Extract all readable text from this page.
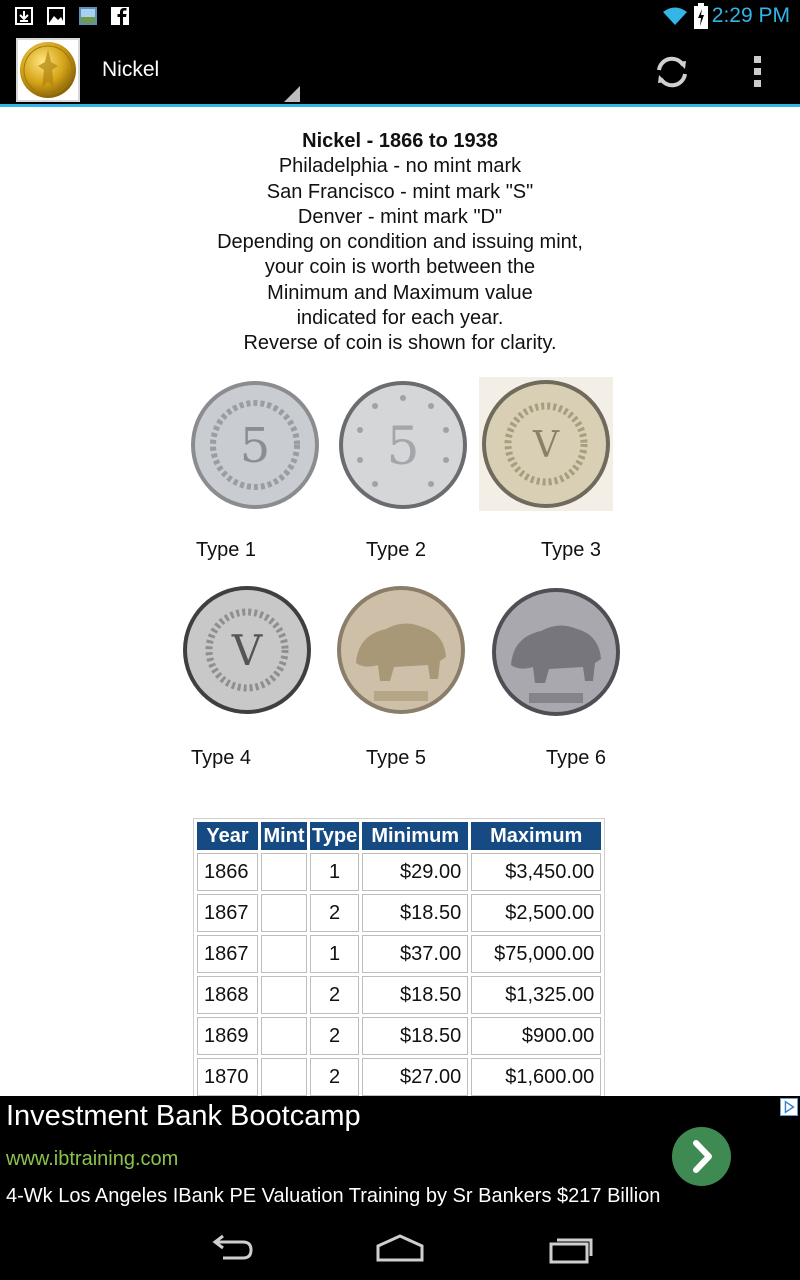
2:29 PM
Nickel
Nickel - 1866 to 1938
Philadelphia - no mint mark
San Francisco - mint mark "S"
Denver - mint mark "D"
Depending on condition and issuing mint,
your coin is worth between the
Minimum and Maximum value
indicated for each year.
Reverse of coin is shown for clarity.
5 5	V
Type 1	Type 2	Type 3
V
Type 4	Type 5	Type 6
Year	Mint	Type	Minimum	Maximum
1866		1	$29.00	$3,450.00
1867		2	$18.50	$2,500.00
1867		1	$37.00	$75,000.00
1868		2	$18.50	$1,325.00
1869		2	$18.50	$900.00
1870		2	$27.00	$1,600.00
Investment Bank Bootcamp
www.ibtraining.com
4-Wk Los Angeles IBank PE Valuation Training by Sr Bankers $217 Billion
